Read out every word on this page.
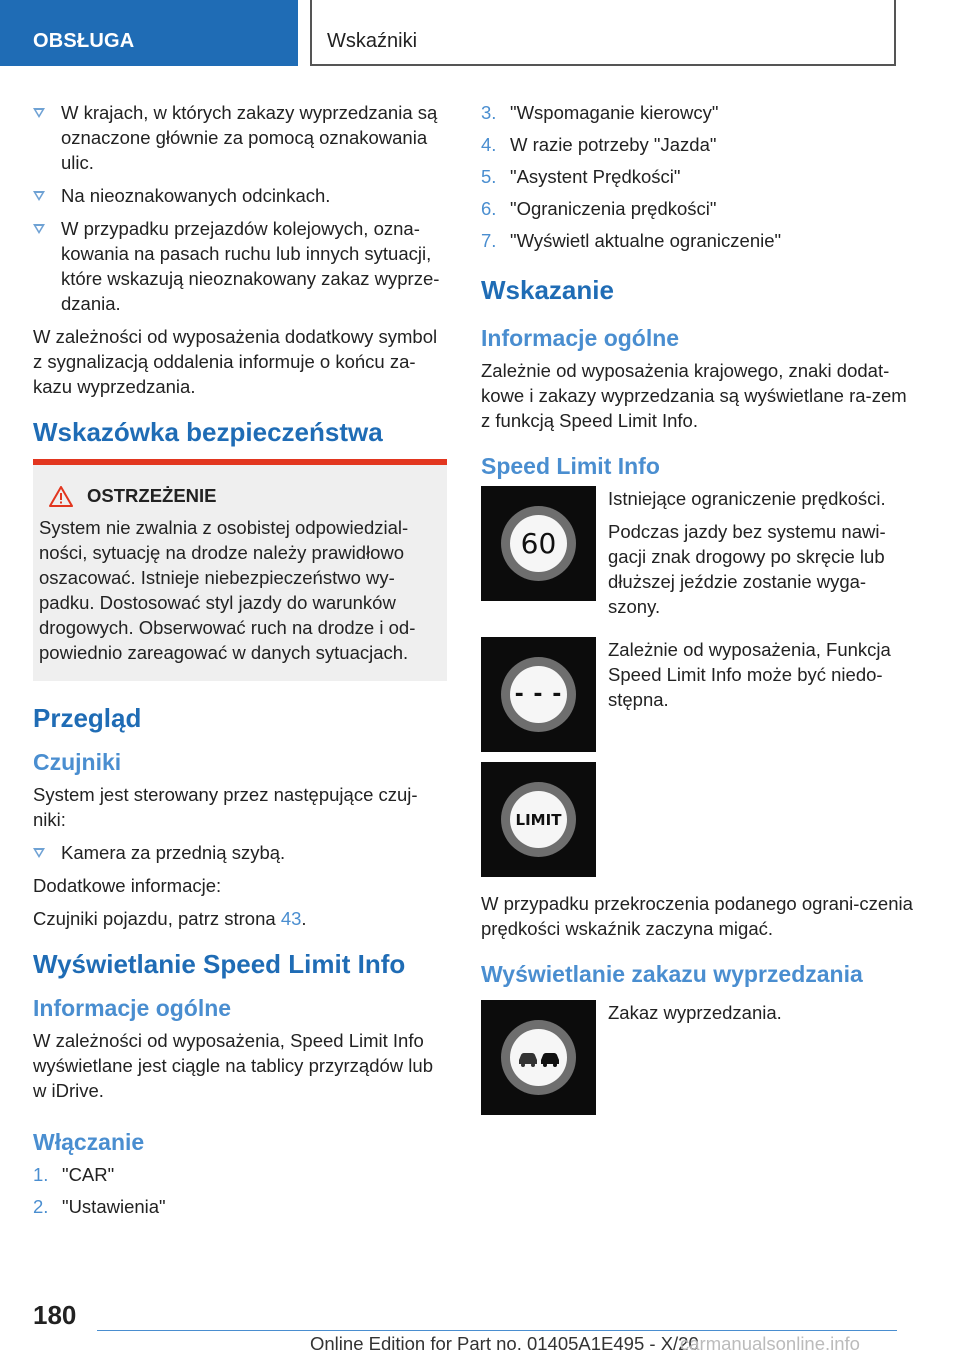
OBSŁUGA	Wskaźniki
W krajach, w których zakazy wyprzedzania są oznaczone głównie za pomocą oznakowania ulic.
Na nieoznakowanych odcinkach.
W przypadku przejazdów kolejowych, ozna-kowania na pasach ruchu lub innych sytuacji, które wskazują nieoznakowany zakaz wyprze-dzania.

W zależności od wyposażenia dodatkowy symbol z sygnalizacją oddalenia informuje o końcu za-kazu wyprzedzania.

Wskazówka bezpieczeństwa
OSTRZEŻENIE

System nie zwalnia z osobistej odpowiedzial-ności, sytuację na drodze należy prawidłowo oszacować. Istnieje niebezpieczeństwo wy-padku. Dostosować styl jazdy do warunków drogowych. Obserwować ruch na drodze i od-powiednio zareagować w danych sytuacjach.

Przegląd
Czujniki

System jest sterowany przez następujące czuj-niki:

Kamera za przednią szybą.

Dodatkowe informacje:

Czujniki pojazdu, patrz strona 43.

Wyświetlanie Speed Limit Info
Informacje ogólne

W zależności od wyposażenia, Speed Limit Info wyświetlane jest ciągle na tablicy przyrządów lub w iDrive.

Włączanie
1. "CAR"
2. "Ustawienia"
3. "Wspomaganie kierowcy"
4. W razie potrzeby "Jazda"
5. "Asystent Prędkości"
6. "Ograniczenia prędkości"
7. "Wyświetl aktualne ograniczenie"
Wskazanie
Informacje ogólne

Zależnie od wyposażenia krajowego, znaki dodat-kowe i zakazy wyprzedzania są wyświetlane ra-zem z funkcją Speed Limit Info.

Speed Limit Info
60

Istniejące ograniczenie prędkości.

Podczas jazdy bez systemu nawi-gacji znak drogowy po skręcie lub dłuższej jeździe zostanie wyga-szony.

- - -

Zależnie od wyposażenia, Funkcja Speed Limit Info może być niedo-stępna.

LIMIT

W przypadku przekroczenia podanego ograni-czenia prędkości wskaźnik zaczyna migać.

Wyświetlanie zakazu wyprzedzania

Zakaz wyprzedzania.

180
Online Edition for Part no. 01405A1E495 - X/20
carmanualsonline.info
